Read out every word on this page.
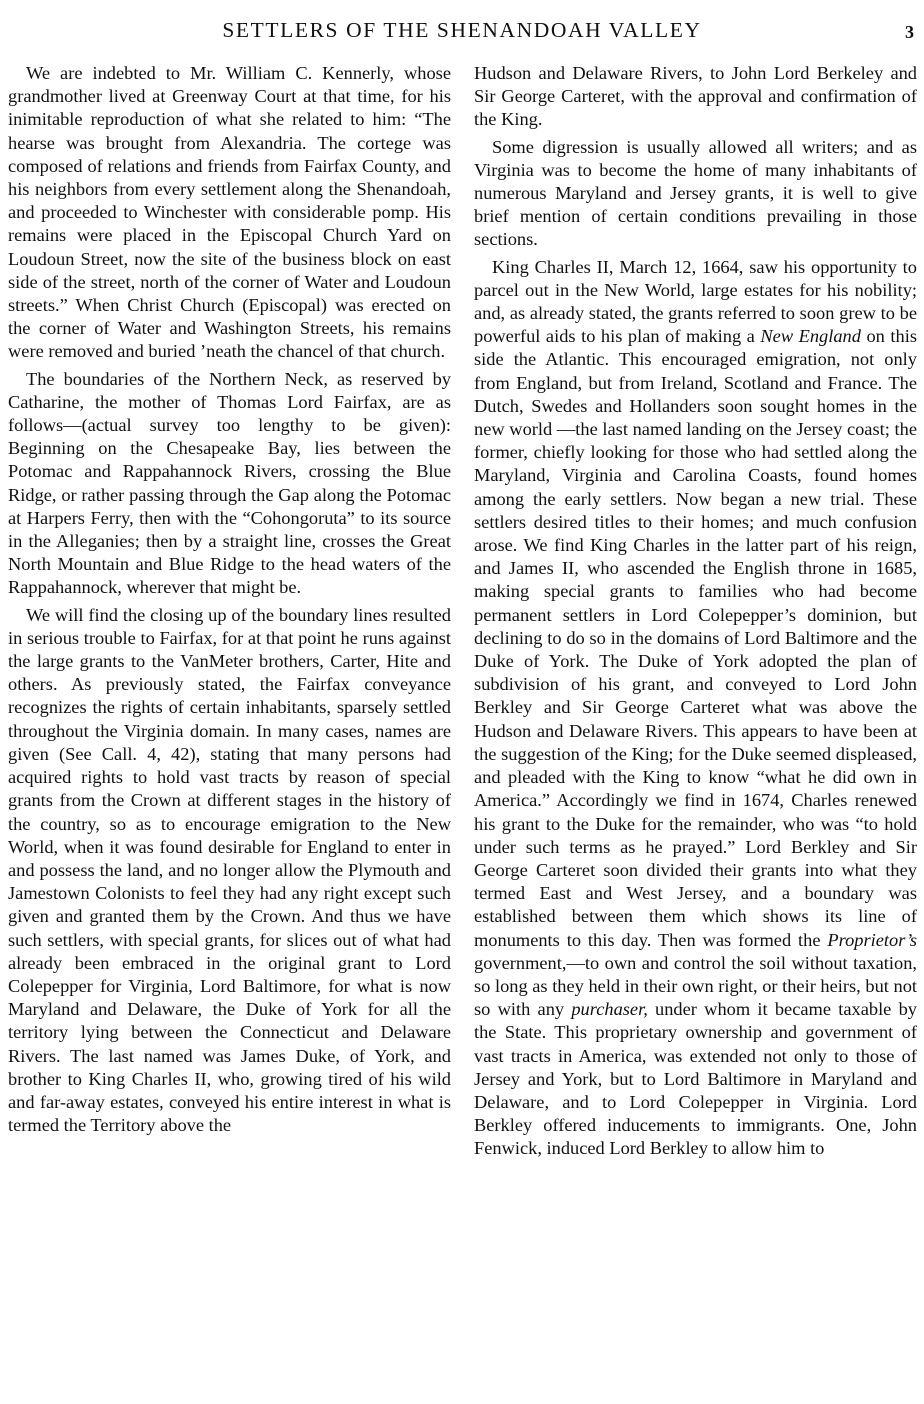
SETTLERS OF THE SHENANDOAH VALLEY	3

We are indebted to Mr. William C. Kennerly, whose grandmother lived at Greenway Court at that time, for his inimitable reproduction of what she related to him: “The hearse was brought from Alexandria. The cortege was composed of relations and friends from Fairfax County, and his neighbors from every settlement along the Shenandoah, and proceeded to Winchester with considerable pomp. His remains were placed in the Episcopal Church Yard on Loudoun Street, now the site of the business block on east side of the street, north of the corner of Water and Loudoun streets.” When Christ Church (Episcopal) was erected on the corner of Water and Washington Streets, his remains were removed and buried ’neath the chancel of that church.

The boundaries of the Northern Neck, as reserved by Catharine, the mother of Thomas Lord Fairfax, are as follows—(actual survey too lengthy to be given): Beginning on the Chesapeake Bay, lies between the Potomac and Rappahannock Rivers, crossing the Blue Ridge, or rather passing through the Gap along the Potomac at Harpers Ferry, then with the “Cohongoruta” to its source in the Alleganies; then by a straight line, crosses the Great North Mountain and Blue Ridge to the head waters of the Rappahannock, wherever that might be.

We will find the closing up of the boundary lines resulted in serious trouble to Fairfax, for at that point he runs against the large grants to the VanMeter brothers, Carter, Hite and others. As previously stated, the Fairfax conveyance recognizes the rights of certain inhabitants, sparsely settled throughout the Virginia domain. In many cases, names are given (See Call. 4, 42), stating that many persons had acquired rights to hold vast tracts by reason of special grants from the Crown at different stages in the history of the country, so as to encourage emigration to the New World, when it was found desirable for England to enter in and possess the land, and no longer allow the Plymouth and Jamestown Colonists to feel they had any right except such given and granted them by the Crown. And thus we have such settlers, with special grants, for slices out of what had already been embraced in the original grant to Lord Colepepper for Virginia, Lord Baltimore, for what is now Maryland and Delaware, the Duke of York for all the territory lying between the Connecticut and Delaware Rivers. The last named was James Duke, of York, and brother to King Charles II, who, growing tired of his wild and far-away estates, conveyed his entire interest in what is termed the Territory above the

Hudson and Delaware Rivers, to John Lord Berkeley and Sir George Carteret, with the approval and confirmation of the King.

Some digression is usually allowed all writers; and as Virginia was to become the home of many inhabitants of numerous Maryland and Jersey grants, it is well to give brief mention of certain conditions prevailing in those sections.

King Charles II, March 12, 1664, saw his opportunity to parcel out in the New World, large estates for his nobility; and, as already stated, the grants referred to soon grew to be powerful aids to his plan of making a New England on this side the Atlantic. This encouraged emigration, not only from England, but from Ireland, Scotland and France. The Dutch, Swedes and Hollanders soon sought homes in the new world —the last named landing on the Jersey coast; the former, chiefly looking for those who had settled along the Maryland, Virginia and Carolina Coasts, found homes among the early settlers. Now began a new trial. These settlers desired titles to their homes; and much confusion arose. We find King Charles in the latter part of his reign, and James II, who ascended the English throne in 1685, making special grants to families who had become permanent settlers in Lord Colepepper’s dominion, but declining to do so in the domains of Lord Baltimore and the Duke of York. The Duke of York adopted the plan of subdivision of his grant, and conveyed to Lord John Berkley and Sir George Carteret what was above the Hudson and Delaware Rivers. This appears to have been at the suggestion of the King; for the Duke seemed displeased, and pleaded with the King to know “what he did own in America.” Accordingly we find in 1674, Charles renewed his grant to the Duke for the remainder, who was “to hold under such terms as he prayed.” Lord Berkley and Sir George Carteret soon divided their grants into what they termed East and West Jersey, and a boundary was established between them which shows its line of monuments to this day. Then was formed the Proprietor’s government,—to own and control the soil without taxation, so long as they held in their own right, or their heirs, but not so with any purchaser, under whom it became taxable by the State. This proprietary ownership and government of vast tracts in America, was extended not only to those of Jersey and York, but to Lord Baltimore in Maryland and Delaware, and to Lord Colepepper in Virginia. Lord Berkley offered inducements to immigrants. One, John Fenwick, induced Lord Berkley to allow him to
